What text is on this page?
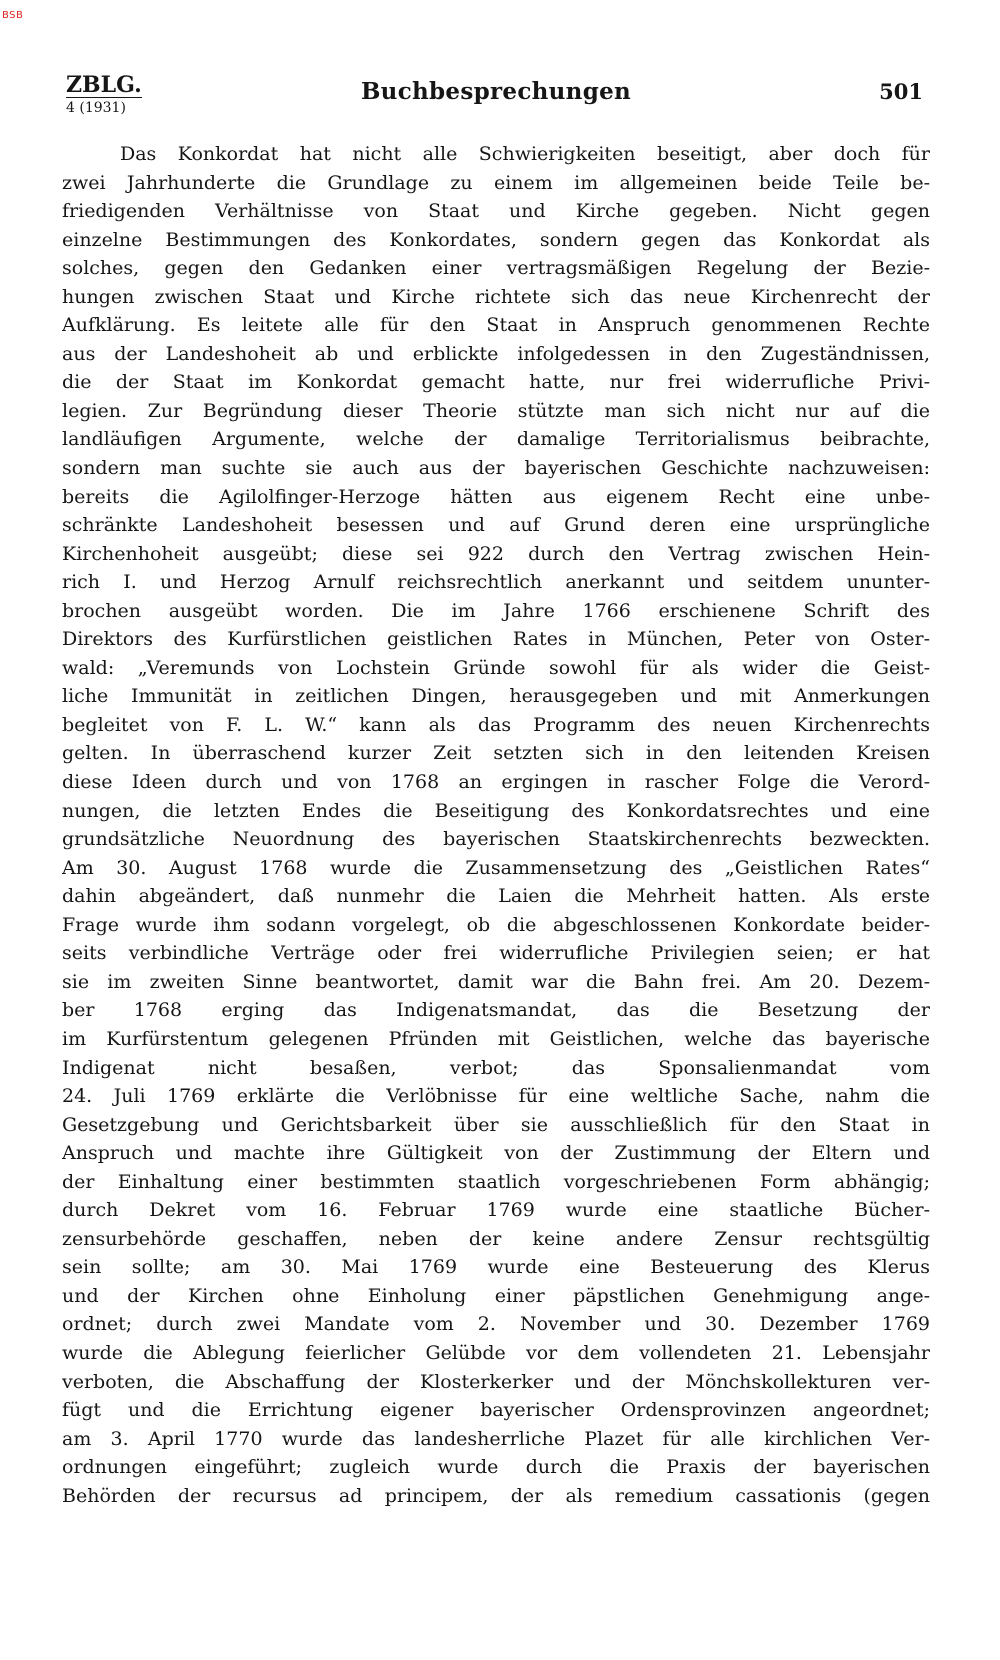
BSB
ZBLG.
4 (1931)
Buchbesprechungen	501
Das Konkordat hat nicht alle Schwierigkeiten beseitigt, aber doch für
zwei Jahrhunderte die Grundlage zu einem im allgemeinen beide Teile be-
friedigenden Verhältnisse von Staat und Kirche gegeben. Nicht gegen
einzelne Bestimmungen des Konkordates, sondern gegen das Konkordat als
solches, gegen den Gedanken einer vertragsmäßigen Regelung der Bezie-
hungen zwischen Staat und Kirche richtete sich das neue Kirchenrecht der
Aufklärung. Es leitete alle für den Staat in Anspruch genommenen Rechte
aus der Landeshoheit ab und erblickte infolgedessen in den Zugeständnissen,
die der Staat im Konkordat gemacht hatte, nur frei widerrufliche Privi-
legien. Zur Begründung dieser Theorie stützte man sich nicht nur auf die
landläufigen Argumente, welche der damalige Territorialismus beibrachte,
sondern man suchte sie auch aus der bayerischen Geschichte nachzuweisen:
bereits die Agilolfinger-Herzoge hätten aus eigenem Recht eine unbe-
schränkte Landeshoheit besessen und auf Grund deren eine ursprüngliche
Kirchenhoheit ausgeübt; diese sei 922 durch den Vertrag zwischen Hein-
rich I. und Herzog Arnulf reichsrechtlich anerkannt und seitdem ununter-
brochen ausgeübt worden. Die im Jahre 1766 erschienene Schrift des
Direktors des Kurfürstlichen geistlichen Rates in München, Peter von Oster-
wald: „Veremunds von Lochstein Gründe sowohl für als wider die Geist-
liche Immunität in zeitlichen Dingen, herausgegeben und mit Anmerkungen
begleitet von F. L. W.“ kann als das Programm des neuen Kirchenrechts
gelten. In überraschend kurzer Zeit setzten sich in den leitenden Kreisen
diese Ideen durch und von 1768 an ergingen in rascher Folge die Verord-
nungen, die letzten Endes die Beseitigung des Konkordatsrechtes und eine
grundsätzliche Neuordnung des bayerischen Staatskirchenrechts bezweckten.
Am 30. August 1768 wurde die Zusammensetzung des „Geistlichen Rates“
dahin abgeändert, daß nunmehr die Laien die Mehrheit hatten. Als erste
Frage wurde ihm sodann vorgelegt, ob die abgeschlossenen Konkordate beider-
seits verbindliche Verträge oder frei widerrufliche Privilegien seien; er hat
sie im zweiten Sinne beantwortet, damit war die Bahn frei. Am 20. Dezem-
ber 1768 erging das Indigenatsmandat, das die Besetzung der
im Kurfürstentum gelegenen Pfründen mit Geistlichen, welche das bayerische
Indigenat nicht besaßen, verbot; das Sponsalienmandat vom
24. Juli 1769 erklärte die Verlöbnisse für eine weltliche Sache, nahm die
Gesetzgebung und Gerichtsbarkeit über sie ausschließlich für den Staat in
Anspruch und machte ihre Gültigkeit von der Zustimmung der Eltern und
der Einhaltung einer bestimmten staatlich vorgeschriebenen Form abhängig;
durch Dekret vom 16. Februar 1769 wurde eine staatliche Bücher-
zensurbehörde geschaffen, neben der keine andere Zensur rechtsgültig
sein sollte; am 30. Mai 1769 wurde eine Besteuerung des Klerus
und der Kirchen ohne Einholung einer päpstlichen Genehmigung ange-
ordnet; durch zwei Mandate vom 2. November und 30. Dezember 1769
wurde die Ablegung feierlicher Gelübde vor dem vollendeten 21. Lebensjahr
verboten, die Abschaffung der Klosterkerker und der Mönchskollekturen ver-
fügt und die Errichtung eigener bayerischer Ordensprovinzen angeordnet;
am 3. April 1770 wurde das landesherrliche Plazet für alle kirchlichen Ver-
ordnungen eingeführt; zugleich wurde durch die Praxis der bayerischen
Behörden der recursus ad principem, der als remedium cassationis (gegen
